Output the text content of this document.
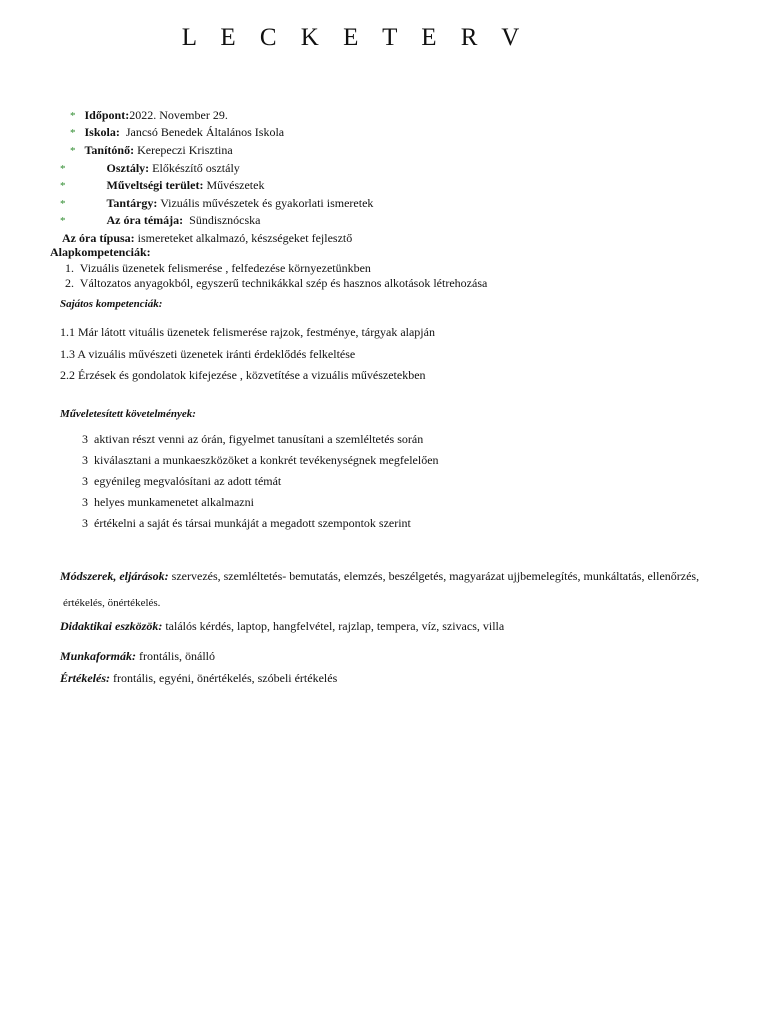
L E C K E T E R V
* Időpont:2022. November 29.
* Iskola: Jancsó Benedek Általános Iskola
* Tanítónő: Kerepeczi Krisztina
*	Osztály: Előkészítő osztály
*	Műveltségi terület: Művészetek
*	Tantárgy: Vizuális művészetek és gyakorlati ismeretek
*	Az óra témája: Sündisznócska
Az óra típusa: ismereteket alkalmazó, készségeket fejlesztő
Alapkompetenciák:
1. Vizuális üzenetek felismerése , felfedezése környezetünkben
2. Változatos anyagokból, egyszerű technikákkal szép és hasznos alkotások létrehozása
Sajátos kompetenciák:
1.1 Már látott vituális üzenetek felismerése rajzok, festménye, tárgyak alapján
1.3 A vizuális művészeti üzenetek iránti érdeklődés felkeltése
2.2 Érzések és gondolatok kifejezése , közvetítése a vizuális művészetekben
Műveletesített követelmények:
3 aktivan részt venni az órán, figyelmet tanusítani a szemléltetés során
3 kiválasztani a munkaeszközöket a konkrét tevékenységnek megfelelően
3 egyénileg megvalósítani az adott témát
3 helyes munkamenetet alkalmazni
3 értékelni a saját és társai munkáját a megadott szempontok szerint
Módszerek, eljárások: szervezés, szemléltetés- bemutatás, elemzés, beszélgetés, magyarázat ujjbemelegítés, munkáltatás, ellenőrzés,
értékelés, önértékelés.
Didaktikai eszközök: találós kérdés, laptop, hangfelvétel, rajzlap, tempera, víz, szivacs, villa
Munkaformák: frontális, önálló
Értékelés: frontális, egyéni, önértékelés, szóbeli értékelés
